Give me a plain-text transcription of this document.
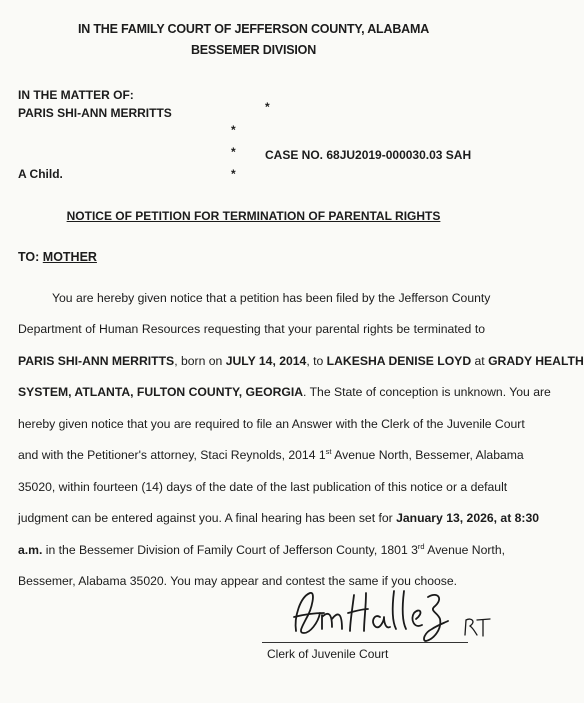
IN THE FAMILY COURT OF JEFFERSON COUNTY, ALABAMA
BESSEMER DIVISION
IN THE MATTER OF:
PARIS SHI-ANN MERRITTS	*
*
*
*
CASE NO. 68JU2019-000030.03 SAH
A Child.
NOTICE OF PETITION FOR TERMINATION OF PARENTAL RIGHTS
TO: MOTHER
You are hereby given notice that a petition has been filed by the Jefferson County
Department of Human Resources requesting that your parental rights be terminated to
PARIS SHI-ANN MERRITTS, born on JULY 14, 2014, to LAKESHA DENISE LOYD at GRADY HEALTH
SYSTEM, ATLANTA, FULTON COUNTY, GEORGIA. The State of conception is unknown. You are
hereby given notice that you are required to file an Answer with the Clerk of the Juvenile Court
and with the Petitioner's attorney, Staci Reynolds, 2014 1st Avenue North, Bessemer, Alabama
35020, within fourteen (14) days of the date of the last publication of this notice or a default
judgment can be entered against you. A final hearing has been set for January 13, 2026, at 8:30
a.m. in the Bessemer Division of Family Court of Jefferson County, 1801 3rd Avenue North,
Bessemer, Alabama 35020. You may appear and contest the same if you choose.
Clerk of Juvenile Court
